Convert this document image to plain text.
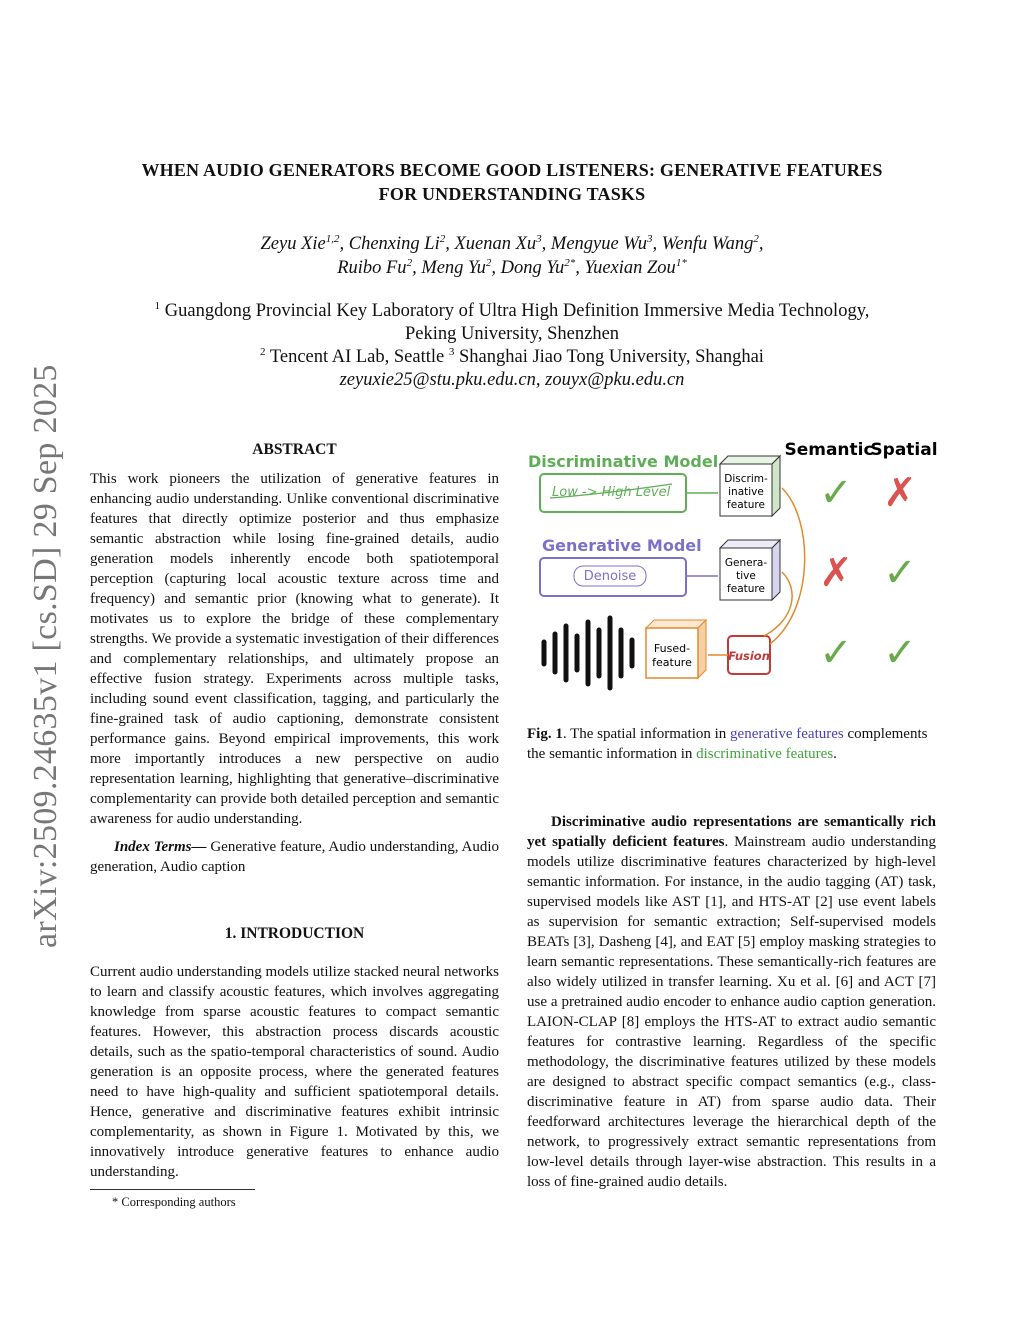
arXiv:2509.24635v1 [cs.SD] 29 Sep 2025
WHEN AUDIO GENERATORS BECOME GOOD LISTENERS: GENERATIVE FEATURES
FOR UNDERSTANDING TASKS
Zeyu Xie$^{1,2}$, Chenxing Li$^2$, Xuenan Xu$^3$, Mengyue Wu$^3$, Wenfu Wang$^2$,
Ruibo Fu$^2$, Meng Yu$^2$, Dong $Yu^{2*}$, Yuexian Zou$^{1*}$
$^1$ Guangdong Provincial Key Laboratory of Ultra High Definition Immersive Media Technology,
Peking University, Shenzhen
$^2$ Tencent AI Lab, Seattle $^3$ Shanghai Jiao Tong University, Shanghai
zeyuxie25@stu.pku.edu.cn, zouyx@pku.edu.cn
ABSTRACT

This work pioneers the utilization of generative features in enhancing audio understanding. Unlike conventional discriminative features that directly optimize posterior and thus emphasize semantic abstraction while losing fine-grained details, audio generation models inherently encode both spatiotemporal perception (capturing local acoustic texture across time and frequency) and semantic prior (knowing what to generate). It motivates us to explore the bridge of these complementary strengths. We provide a systematic investigation of their differences and complementary relationships, and ultimately propose an effective fusion strategy. Experiments across multiple tasks, including sound event classification, tagging, and particularly the fine-grained task of audio captioning, demonstrate consistent performance gains. Beyond empirical improvements, this work more importantly introduces a new perspective on audio representation learning, highlighting that generative–discriminative complementarity can provide both detailed perception and semantic awareness for audio understanding.

Index Terms— Generative feature, Audio understanding, Audio generation, Audio caption

1. INTRODUCTION

Current audio understanding models utilize stacked neural networks to learn and classify acoustic features, which involves aggregating knowledge from sparse acoustic features to compact semantic features. However, this abstraction process discards acoustic details, such as the spatio-temporal characteristics of sound. Audio generation is an opposite process, where the generated features need to have high-quality and sufficient spatiotemporal details. Hence, generative and discriminative features exhibit intrinsic complementarity, as shown in Figure 1. Motivated by this, we innovatively introduce generative features to enhance audio understanding.

* Corresponding authors
Semantic
Spatial
Discriminative Model
Low -> High Level
Discrim-
inative
feature
Generative Model
Denoise
Genera-
tive
feature
Fused-
feature	Fusion
✓ ✗
✗ ✓
✓ ✓
Fig. 1. The spatial information in generative features complements the semantic information in discriminative features.

Discriminative audio representations are semantically rich yet spatially deficient features. Mainstream audio understanding models utilize discriminative features characterized by high-level semantic information. For instance, in the audio tagging (AT) task, supervised models like AST [1], and HTS-AT [2] use event labels as supervision for semantic extraction; Self-supervised models BEATs [3], Dasheng [4], and EAT [5] employ masking strategies to learn semantic representations. These semantically-rich features are also widely utilized in transfer learning. Xu et al. [6] and ACT [7] use a pretrained audio encoder to enhance audio caption generation. LAION-CLAP [8] employs the HTS-AT to extract audio semantic features for contrastive learning. Regardless of the specific methodology, the discriminative features utilized by these models are designed to abstract specific compact semantics (e.g., class-discriminative feature in AT) from sparse audio data. Their feedforward architectures leverage the hierarchical depth of the network, to progressively extract semantic representations from low-level details through layer-wise abstraction. This results in a loss of fine-grained audio details.
